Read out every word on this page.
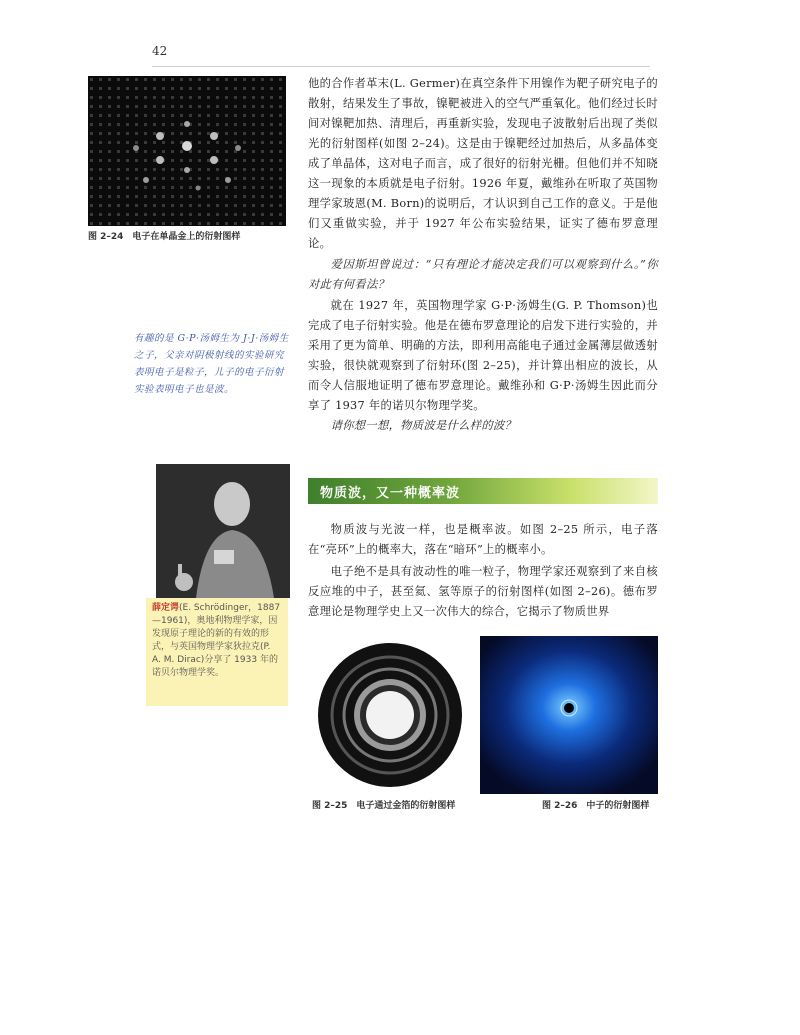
42
图 2–24　电子在单晶金上的衍射图样

他的合作者革末(L. Germer)在真空条件下用镍作为靶子研究电子的散射，结果发生了事故，镍靶被进入的空气严重氧化。他们经过长时间对镍靶加热、清理后，再重新实验，发现电子波散射后出现了类似光的衍射图样(如图 2–24)。这是由于镍靶经过加热后，从多晶体变成了单晶体，这对电子而言，成了很好的衍射光栅。但他们并不知晓这一现象的本质就是电子衍射。1926 年夏，戴维孙在听取了英国物理学家玻恩(M. Born)的说明后，才认识到自己工作的意义。于是他们又重做实验，并于 1927 年公布实验结果，证实了德布罗意理论。

爱因斯坦曾说过：“只有理论才能决定我们可以观察到什么。”你对此有何看法？
就在 1927 年，英国物理学家 G·P·汤姆生(G. P. Thomson)也完成了电子衍射实验。他是在德布罗意理论的启发下进行实验的，并采用了更为简单、明确的方法，即利用高能电子通过金属薄层做透射实验，很快就观察到了衍射环(图 2–25)，并计算出相应的波长，从而令人信服地证明了德布罗意理论。戴维孙和 G·P·汤姆生因此而分享了 1937 年的诺贝尔物理学奖。
有趣的是 G·P·汤姆生为 J·J·汤姆生之子，父亲对阴极射线的实验研究表明电子是粒子，儿子的电子衍射实验表明电子也是波。
请你想一想，物质波是什么样的波？
薛定谔(E. Schrödinger，1887—1961)，奥地利物理学家，因发现原子理论的新的有效的形式，与英国物理学家狄拉克(P. A. M. Dirac)分享了 1933 年的诺贝尔物理学奖。
物质波，又一种概率波
物质波与光波一样，也是概率波。如图 2–25 所示，电子落在“亮环”上的概率大，落在“暗环”上的概率小。
电子绝不是具有波动性的唯一粒子，物理学家还观察到了来自核反应堆的中子，甚至氦、氢等原子的衍射图样(如图 2–26)。德布罗意理论是物理学史上又一次伟大的综合，它揭示了物质世界
图 2–25　电子通过金箔的衍射图样	图 2–26　中子的衍射图样
